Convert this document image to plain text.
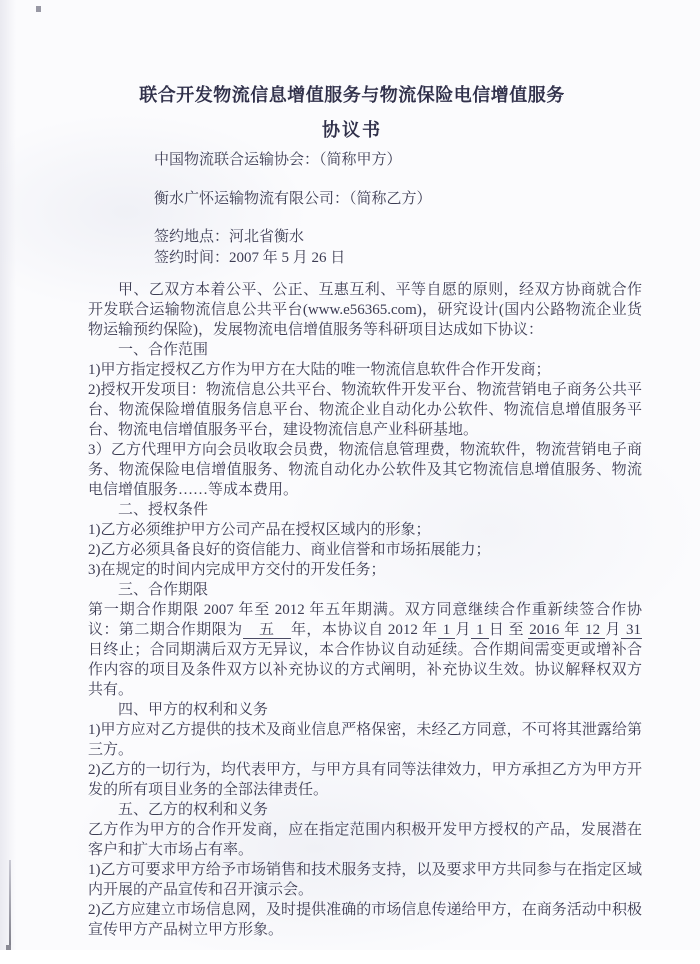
联合开发物流信息增值服务与物流保险电信增值服务
协议书

中国物流联合运输协会：（简称甲方）

衡水广怀运输物流有限公司：（简称乙方）

签约地点：河北省衡水

签约时间：2007 年 5 月 26 日

甲、乙双方本着公平、公正、互惠互利、平等自愿的原则，经双方协商就合作开发联合运输物流信息公共平台(www.e56365.com)，研究设计(国内公路物流企业货物运输预约保险)，发展物流电信增值服务等科研项目达成如下协议：

一、合作范围

1)甲方指定授权乙方作为甲方在大陆的唯一物流信息软件合作开发商；

2)授权开发项目：物流信息公共平台、物流软件开发平台、物流营销电子商务公共平台、物流保险增值服务信息平台、物流企业自动化办公软件、物流信息增值服务平台、物流电信增值服务平台，建设物流信息产业科研基地。

3）乙方代理甲方向会员收取会员费，物流信息管理费，物流软件，物流营销电子商务、物流保险电信增值服务、物流自动化办公软件及其它物流信息增值服务、物流电信增值服务……等成本费用。

二、授权条件

1)乙方必须维护甲方公司产品在授权区域内的形象；

2)乙方必须具备良好的资信能力、商业信誉和市场拓展能力；

3)在规定的时间内完成甲方交付的开发任务；

三、合作期限

第一期合作期限 2007 年至 2012 年五年期满。双方同意继续合作重新续签合作协议：第二期合作期限为　五　年，本协议自 2012 年 1 月 1 日 至 2016 年 12 月 31 日终止；合同期满后双方无异议，本合作协议自动延续。合作期间需变更或增补合作内容的项目及条件双方以补充协议的方式阐明，补充协议生效。协议解释权双方共有。

四、甲方的权利和义务

1)甲方应对乙方提供的技术及商业信息严格保密，未经乙方同意，不可将其泄露给第三方。

2)乙方的一切行为，均代表甲方，与甲方具有同等法律效力，甲方承担乙方为甲方开发的所有项目业务的全部法律责任。

五、乙方的权利和义务

乙方作为甲方的合作开发商，应在指定范围内积极开发甲方授权的产品，发展潜在客户和扩大市场占有率。

1)乙方可要求甲方给予市场销售和技术服务支持，以及要求甲方共同参与在指定区域内开展的产品宣传和召开演示会。

2)乙方应建立市场信息网，及时提供准确的市场信息传递给甲方，在商务活动中积极宣传甲方产品树立甲方形象。
